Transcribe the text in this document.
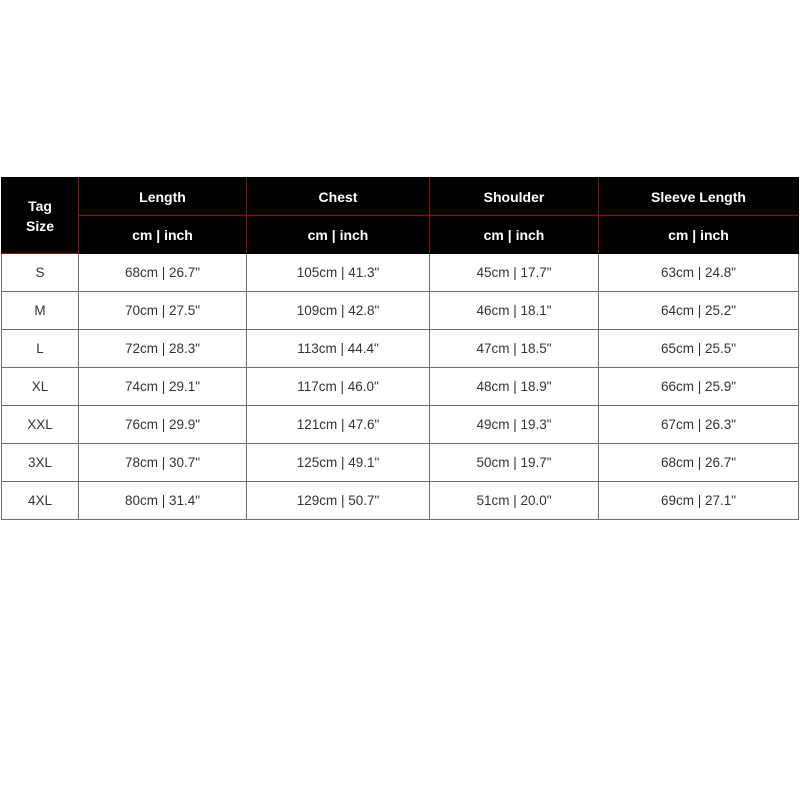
Tag
Size	Length	Chest	Shoulder	Sleeve Length
	cm | inch	cm | inch	cm | inch	cm | inch
S	68cm | 26.7"	105cm | 41.3"	45cm | 17.7"	63cm | 24.8"
M	70cm | 27.5"	109cm | 42.8"	46cm | 18.1"	64cm | 25.2"
L	72cm | 28.3"	113cm | 44.4"	47cm | 18.5"	65cm | 25.5"
XL	74cm | 29.1"	117cm | 46.0"	48cm | 18.9"	66cm | 25.9"
XXL	76cm | 29.9"	121cm | 47.6"	49cm | 19.3"	67cm | 26.3"
3XL	78cm | 30.7"	125cm | 49.1"	50cm | 19.7"	68cm | 26.7"
4XL	80cm | 31.4"	129cm | 50.7"	51cm | 20.0"	69cm | 27.1"
